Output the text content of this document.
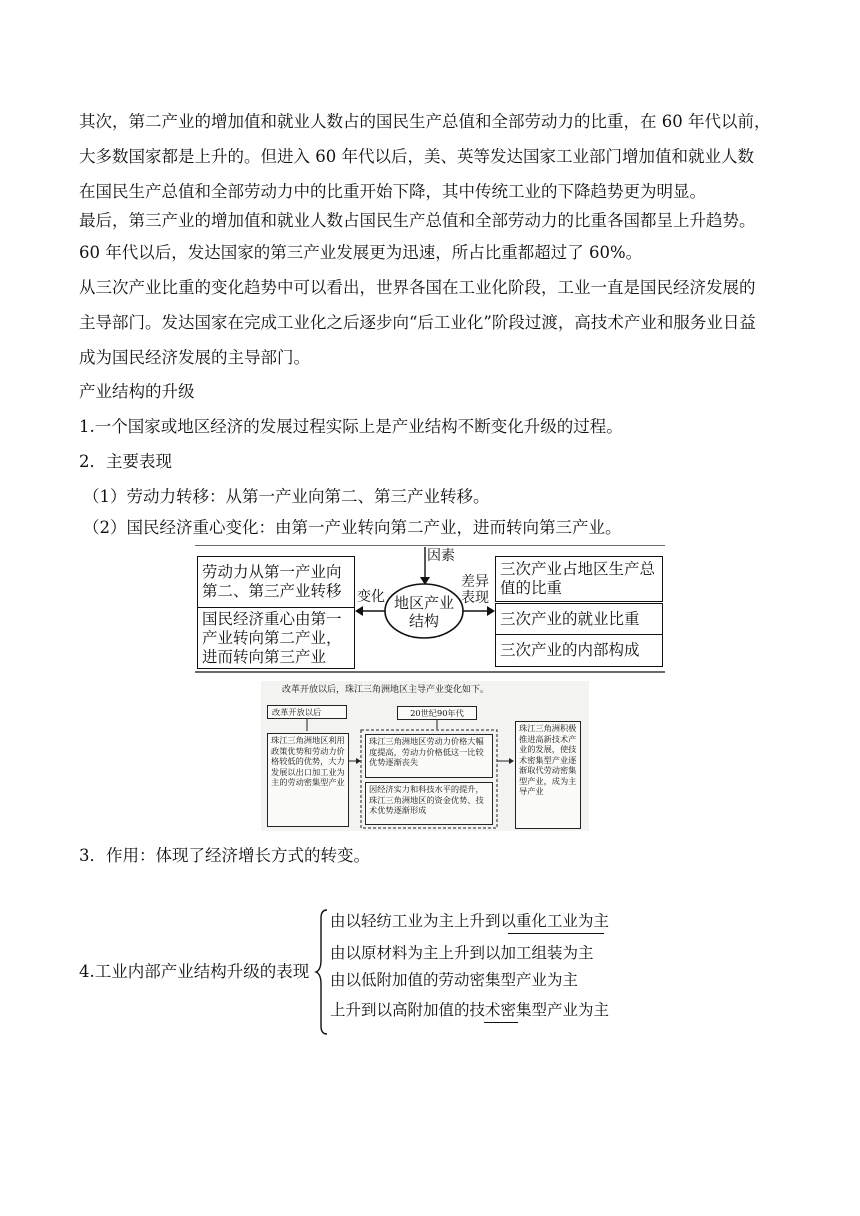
其次，第二产业的增加值和就业人数占的国民生产总值和全部劳动力的比重，在 60 年代以前，
大多数国家都是上升的。但进入 60 年代以后，美、英等发达国家工业部门增加值和就业人数
在国民生产总值和全部劳动力中的比重开始下降，其中传统工业的下降趋势更为明显。
最后，第三产业的增加值和就业人数占国民生产总值和全部劳动力的比重各国都呈上升趋势。
60 年代以后，发达国家的第三产业发展更为迅速，所占比重都超过了 60%。
从三次产业比重的变化趋势中可以看出，世界各国在工业化阶段，工业一直是国民经济发展的
主导部门。发达国家在完成工业化之后逐步向“后工业化”阶段过渡，高技术产业和服务业日益
成为国民经济发展的主导部门。
产业结构的升级
1.一个国家或地区经济的发展过程实际上是产业结构不断变化升级的过程。
2．主要表现
（1）劳动力转移：从第一产业向第二、第三产业转移。
（2）国民经济重心变化：由第一产业转向第二产业，进而转向第三产业。
劳动力从第一产业向第二、第三产业转移
国民经济重心由第一产业转向第二产业，进而转向第三产业
因素
变化
差异表现
地区产业结构
三次产业占地区生产总值的比重
三次产业的就业比重
三次产业的内部构成
改革开放以后，珠江三角洲地区主导产业变化如下。
改革开放以后	20世纪90年代
珠江三角洲地区利用政策优势和劳动力价格较低的优势，大力发展以出口加工业为主的劳动密集型产业
珠江三角洲地区劳动力价格大幅度提高，劳动力价格低这一比较优势逐渐丧失
因经济实力和科技水平的提升，珠江三角洲地区的资金优势、技术优势逐渐形成
珠江三角洲积极推进高新技术产业的发展，使技术密集型产业逐渐取代劳动密集型产业，成为主导产业
3．作用：体现了经济增长方式的转变。
4.工业内部产业结构升级的表现
由以轻纺工业为主上升到以重化工业为主
由以原材料为主上升到以加工组装为主
由以低附加值的劳动密集型产业为主
上升到以高附加值的技术密集型产业为主
